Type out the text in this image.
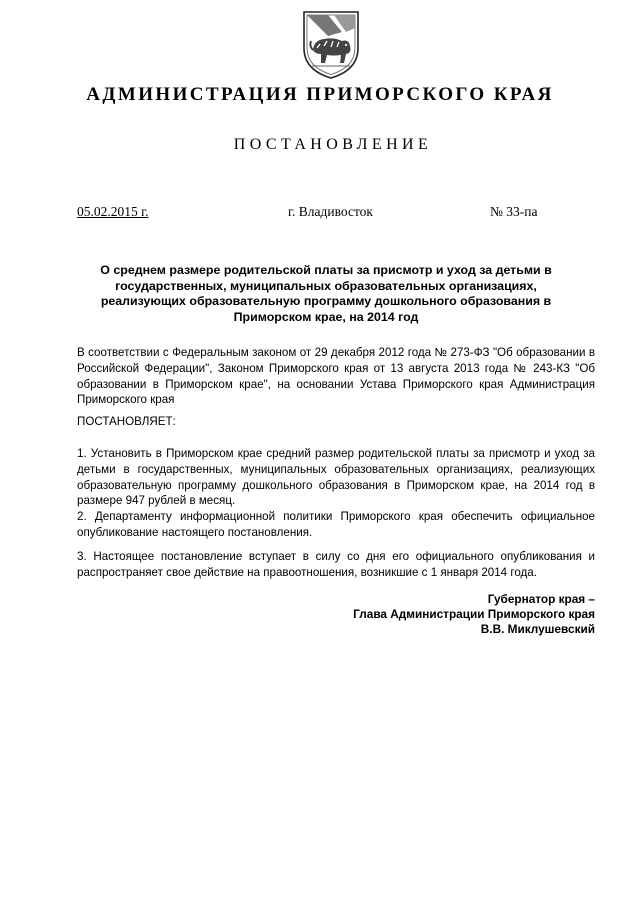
АДМИНИСТРАЦИЯ ПРИМОРСКОГО КРАЯ
ПОСТАНОВЛЕНИЕ
05.02.2015 г.	г. Владивосток	№ 33-па
О среднем размере родительской платы за присмотр и уход за детьми в государственных, муниципальных образовательных организациях, реализующих образовательную программу дошкольного образования в Приморском крае, на 2014 год
В соответствии с Федеральным законом от 29 декабря 2012 года № 273-ФЗ "Об образовании в Российской Федерации", Законом Приморского края от 13 августа 2013 года № 243-КЗ "Об образовании в Приморском крае", на основании Устава Приморского края Администрация Приморского края
ПОСТАНОВЛЯЕТ:
1. Установить в Приморском крае средний размер родительской платы за присмотр и уход за детьми в государственных, муниципальных образовательных организациях, реализующих образовательную программу дошкольного образования в Приморском крае, на 2014 год в размере 947 рублей в месяц.
2. Департаменту информационной политики Приморского края обеспечить официальное опубликование настоящего постановления.
3. Настоящее постановление вступает в силу со дня его официального опубликования и распространяет свое действие на правоотношения, возникшие с 1 января 2014 года.
Губернатор края –
Глава Администрации Приморского края
В.В. Миклушевский
